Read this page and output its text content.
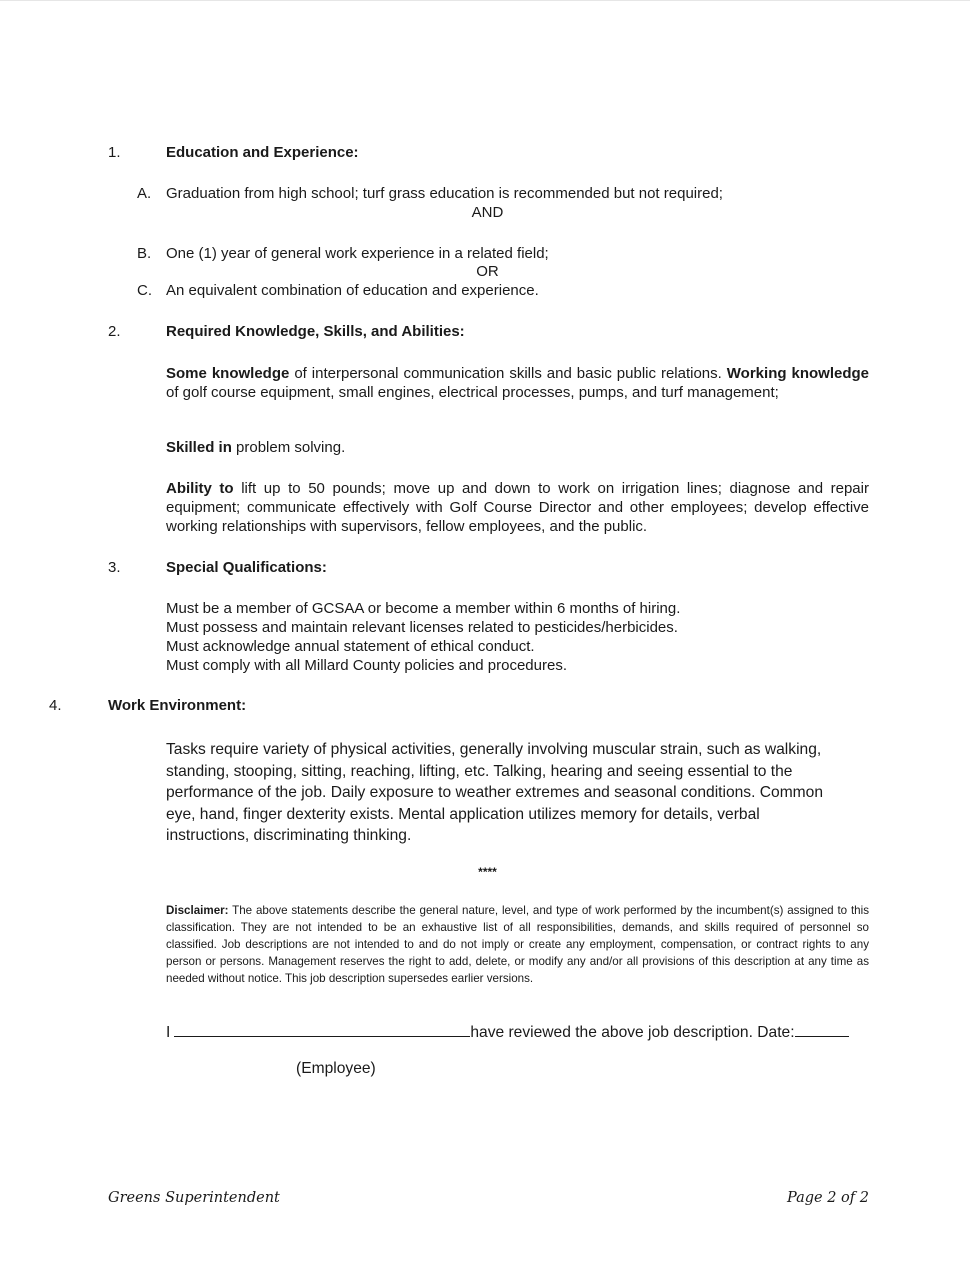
1.	Education and Experience:

A. Graduation from high school; turf grass education is recommended but not required;

AND

B. One (1) year of general work experience in a related field;

OR

C. An equivalent combination of education and experience.

2.	Required Knowledge, Skills, and Abilities:

Some knowledge of interpersonal communication skills and basic public relations. Working knowledge of golf course equipment, small engines, electrical processes, pumps, and turf management;

Skilled in problem solving.

Ability to lift up to 50 pounds; move up and down to work on irrigation lines; diagnose and repair equipment; communicate effectively with Golf Course Director and other employees; develop effective working relationships with supervisors, fellow employees, and the public.

3.	Special Qualifications:

Must be a member of GCSAA or become a member within 6 months of hiring.
Must possess and maintain relevant licenses related to pesticides/herbicides.
Must acknowledge annual statement of ethical conduct.
Must comply with all Millard County policies and procedures.

4.	Work Environment:

Tasks require variety of physical activities, generally involving muscular strain, such as walking,
standing, stooping, sitting, reaching, lifting, etc. Talking, hearing and seeing essential to the
performance of the job. Daily exposure to weather extremes and seasonal conditions. Common
eye, hand, finger dexterity exists. Mental application utilizes memory for details, verbal
instructions, discriminating thinking.

****

Disclaimer: The above statements describe the general nature, level, and type of work performed by the incumbent(s) assigned to this classification. They are not intended to be an exhaustive list of all responsibilities, demands, and skills required of personnel so classified. Job descriptions are not intended to and do not imply or create any employment, compensation, or contract rights to any person or persons. Management reserves the right to add, delete, or modify any and/or all provisions of this description at any time as needed without notice. This job description supersedes earlier versions.

I	have reviewed the above job description. Date:

(Employee)

Greens Superintendent	Page 2 of 2
